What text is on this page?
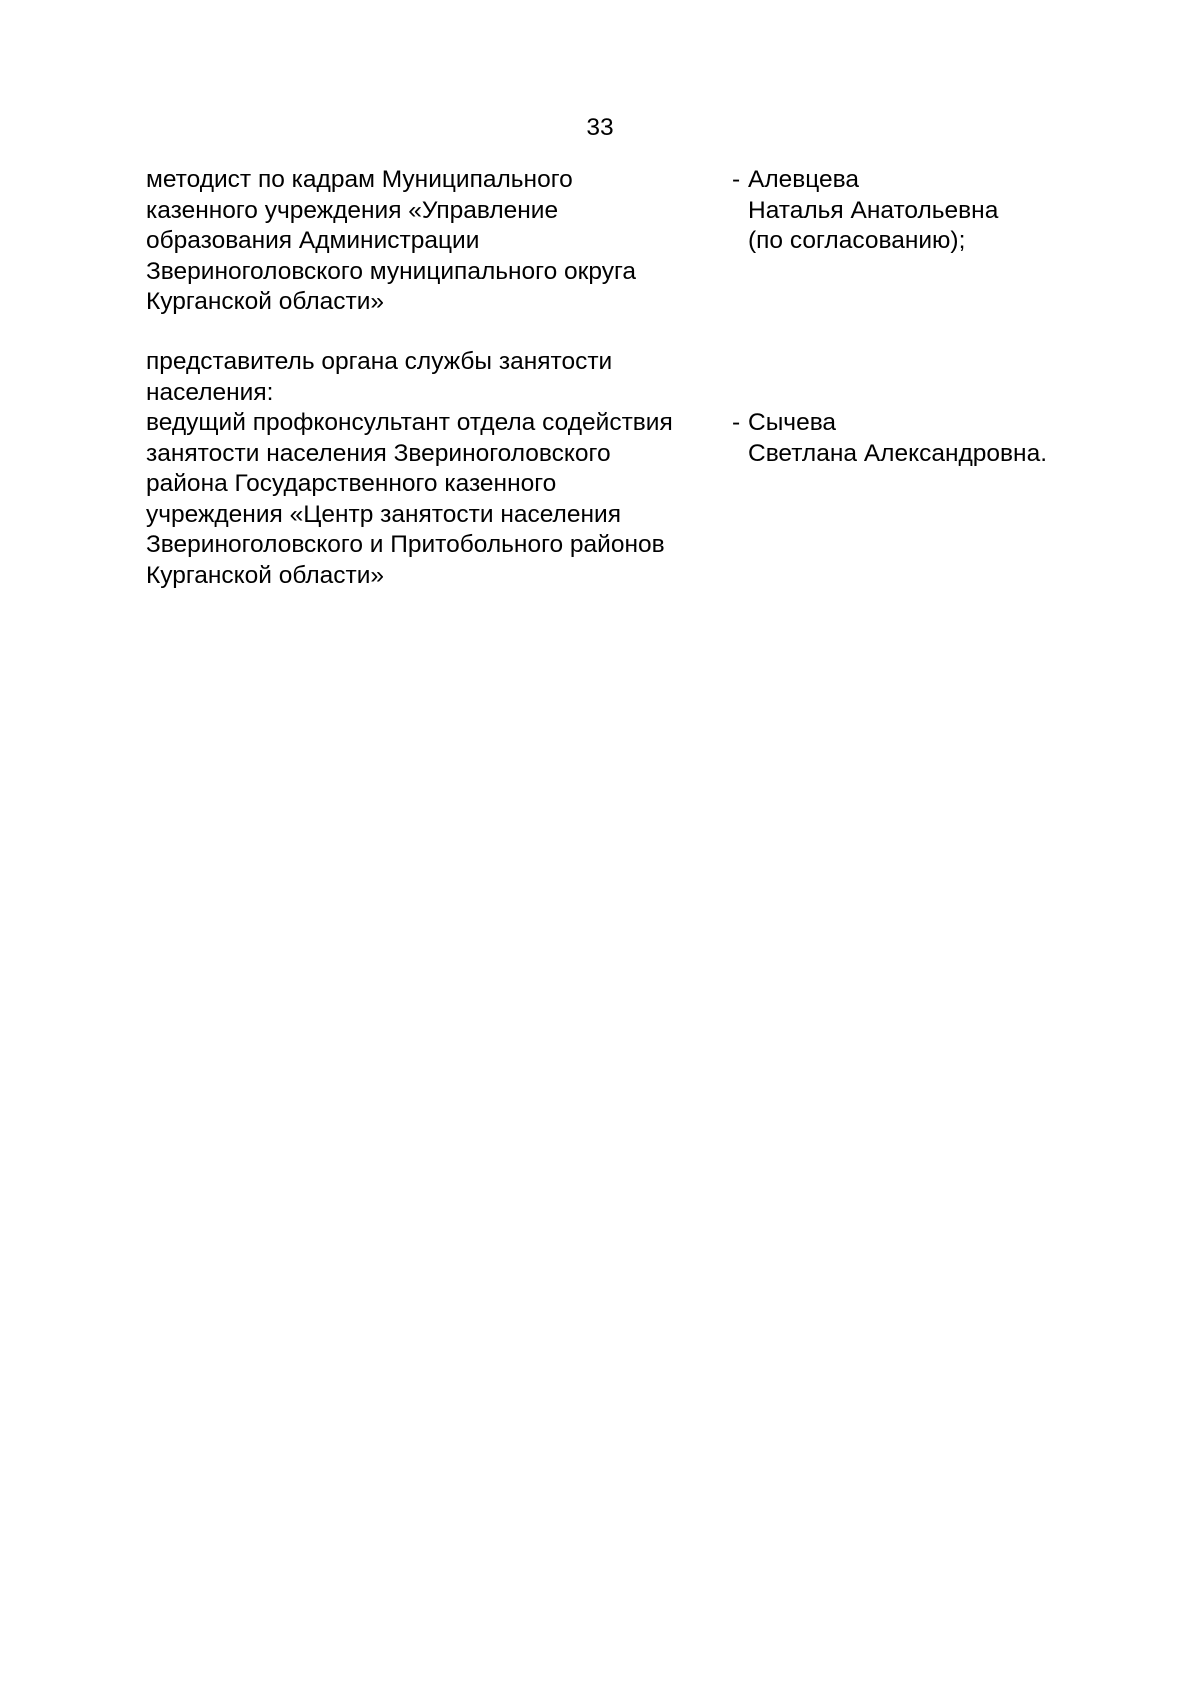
33
методист по кадрам Муниципального
казенного учреждения «Управление
образования Администрации
Звериноголовского муниципального округа
Курганской области»
- Алевцева
Наталья Анатольевна
(по согласованию);
представитель органа службы занятости
населения:
ведущий профконсультант отдела содействия
занятости населения Звериноголовского
района Государственного казенного
учреждения «Центр занятости населения
Звериноголовского и Притобольного районов
Курганской области»
- Сычева
Светлана Александровна.
